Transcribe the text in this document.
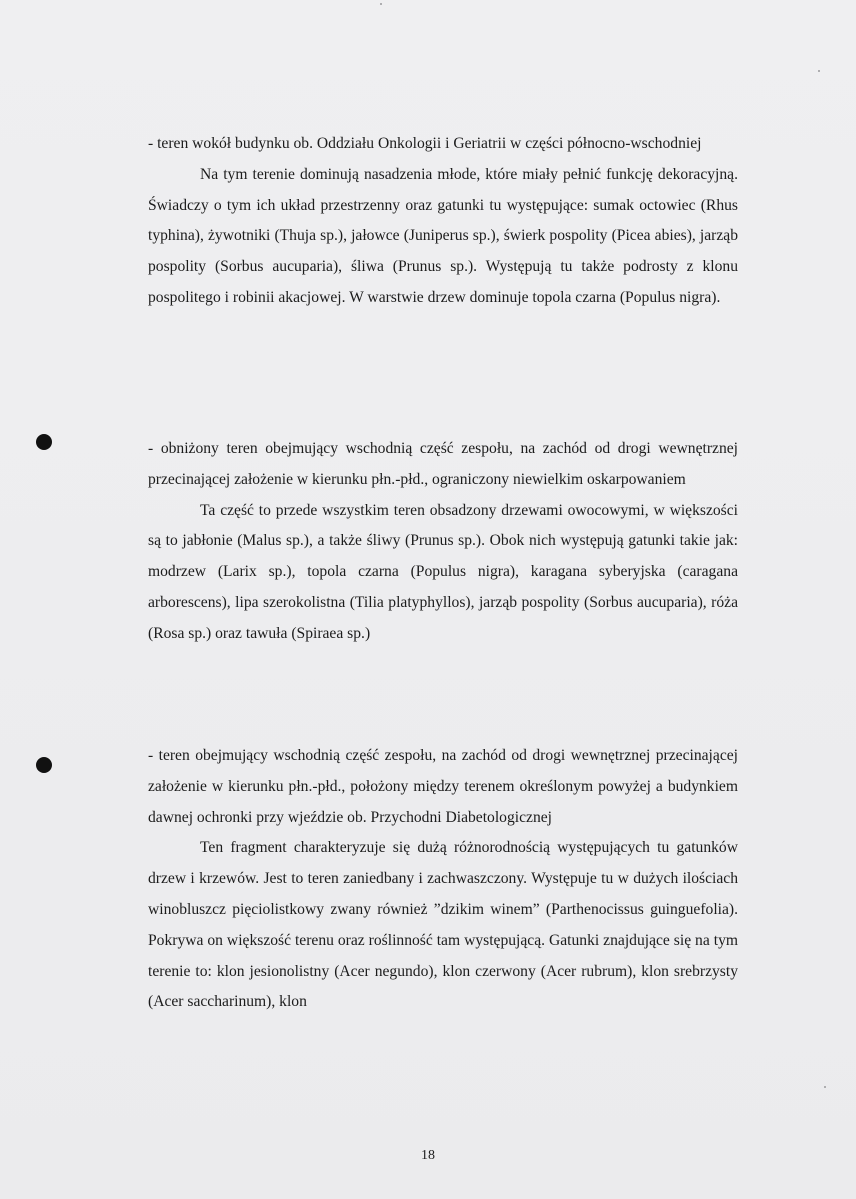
- teren wokół budynku ob. Oddziału Onkologii i Geriatrii w części północno-wschodniej

Na tym terenie dominują nasadzenia młode, które miały pełnić funkcję dekoracyjną. Świadczy o tym ich układ przestrzenny oraz gatunki tu występujące: sumak octowiec (Rhus typhina), żywotniki (Thuja sp.), jałowce (Juniperus sp.), świerk pospolity (Picea abies), jarząb pospolity (Sorbus aucuparia), śliwa (Prunus sp.). Występują tu także podrosty z klonu pospolitego i robinii akacjowej. W warstwie drzew dominuje topola czarna (Populus nigra).

- obniżony teren obejmujący wschodnią część zespołu, na zachód od drogi wewnętrznej przecinającej założenie w kierunku płn.-płd., ograniczony niewielkim oskarpowaniem

Ta część to przede wszystkim teren obsadzony drzewami owocowymi, w większości są to jabłonie (Malus sp.), a także śliwy (Prunus sp.). Obok nich występują gatunki takie jak: modrzew (Larix sp.), topola czarna (Populus nigra), karagana syberyjska (caragana arborescens), lipa szerokolistna (Tilia platyphyllos), jarząb pospolity (Sorbus aucuparia), róża (Rosa sp.) oraz tawuła (Spiraea sp.)

- teren obejmujący wschodnią część zespołu, na zachód od drogi wewnętrznej przecinającej założenie w kierunku płn.-płd., położony między terenem określonym powyżej a budynkiem dawnej ochronki przy wjeździe ob. Przychodni Diabetologicznej

Ten fragment charakteryzuje się dużą różnorodnością występujących tu gatunków drzew i krzewów. Jest to teren zaniedbany i zachwaszczony. Występuje tu w dużych ilościach winobluszcz pięciolistkowy zwany również ”dzikim winem” (Parthenocissus guinguefolia). Pokrywa on większość terenu oraz roślinność tam występującą. Gatunki znajdujące się na tym terenie to: klon jesionolistny (Acer negundo), klon czerwony (Acer rubrum), klon srebrzysty (Acer saccharinum), klon

18
